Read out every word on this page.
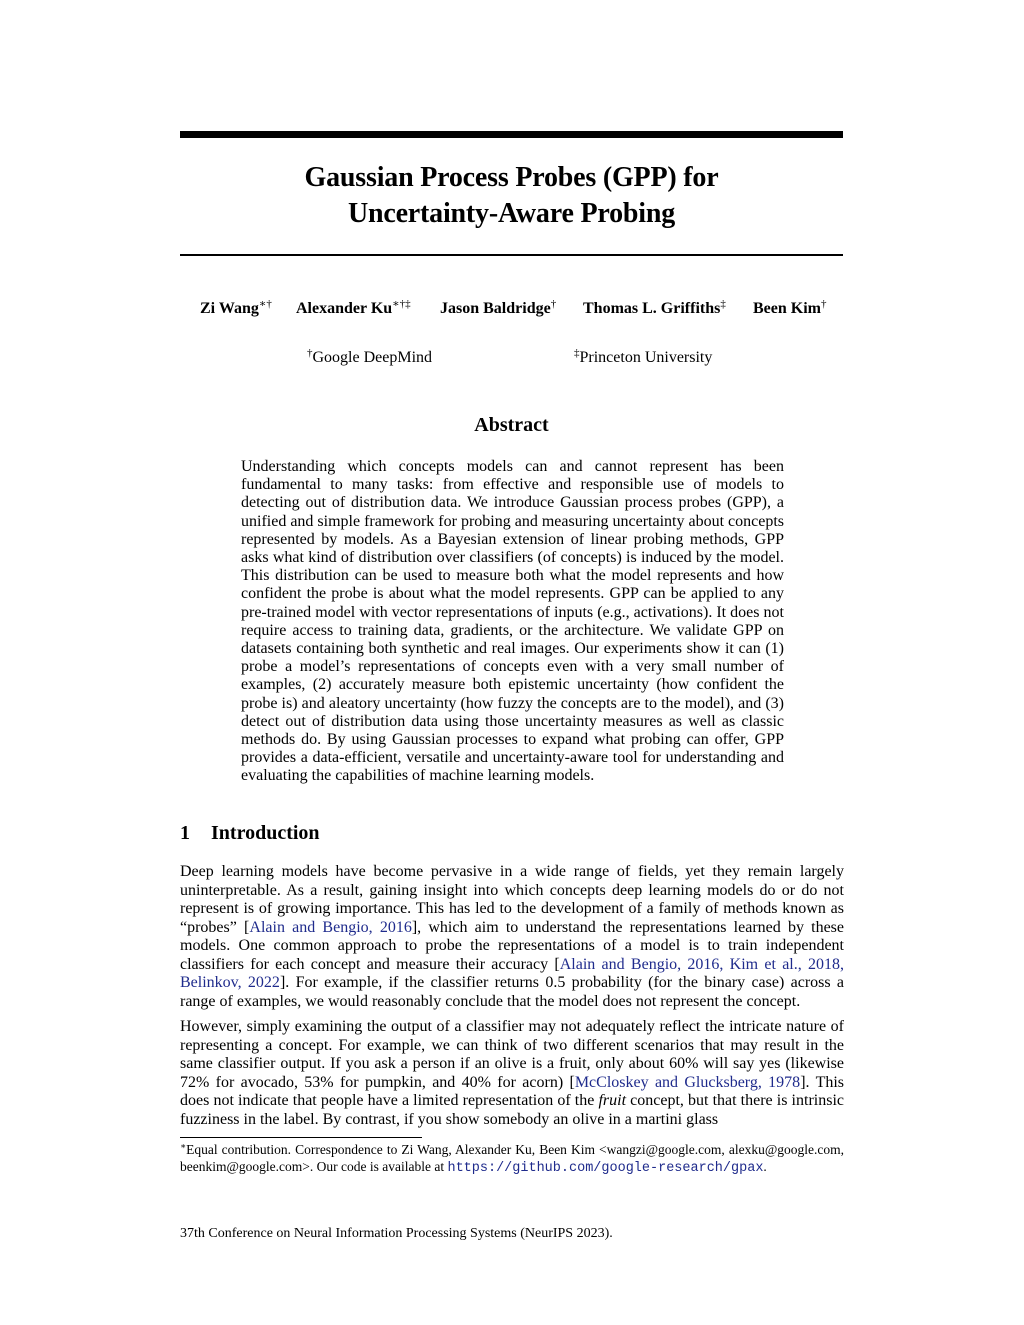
Gaussian Process Probes (GPP) for
Uncertainty-Aware Probing
Zi Wang∗† Alexander Ku∗†‡ Jason Baldridge† Thomas L. Griffiths‡ Been Kim†
†Google DeepMind	‡Princeton University
Abstract

Understanding which concepts models can and cannot represent has been fundamental to many tasks: from effective and responsible use of models to detecting out of distribution data. We introduce Gaussian process probes (GPP), a unified and simple framework for probing and measuring uncertainty about concepts represented by models. As a Bayesian extension of linear probing methods, GPP asks what kind of distribution over classifiers (of concepts) is induced by the model. This distribution can be used to measure both what the model represents and how confident the probe is about what the model represents. GPP can be applied to any pre-trained model with vector representations of inputs (e.g., activations). It does not require access to training data, gradients, or the architecture. We validate GPP on datasets containing both synthetic and real images. Our experiments show it can (1) probe a model’s representations of concepts even with a very small number of examples, (2) accurately measure both epistemic uncertainty (how confident the probe is) and aleatory uncertainty (how fuzzy the concepts are to the model), and (3) detect out of distribution data using those uncertainty measures as well as classic methods do. By using Gaussian processes to expand what probing can offer, GPP provides a data-efficient, versatile and uncertainty-aware tool for understanding and evaluating the capabilities of machine learning models.

1 Introduction

Deep learning models have become pervasive in a wide range of fields, yet they remain largely uninterpretable. As a result, gaining insight into which concepts deep learning models do or do not represent is of growing importance. This has led to the development of a family of methods known as “probes” [Alain and Bengio, 2016], which aim to understand the representations learned by these models. One common approach to probe the representations of a model is to train independent classifiers for each concept and measure their accuracy [Alain and Bengio, 2016, Kim et al., 2018, Belinkov, 2022]. For example, if the classifier returns 0.5 probability (for the binary case) across a range of examples, we would reasonably conclude that the model does not represent the concept.

However, simply examining the output of a classifier may not adequately reflect the intricate nature of representing a concept. For example, we can think of two different scenarios that may result in the same classifier output. If you ask a person if an olive is a fruit, only about 60% will say yes (likewise 72% for avocado, 53% for pumpkin, and 40% for acorn) [McCloskey and Glucksberg, 1978]. This does not indicate that people have a limited representation of the fruit concept, but that there is intrinsic fuzziness in the label. By contrast, if you show somebody an olive in a martini glass

∗Equal contribution. Correspondence to Zi Wang, Alexander Ku, Been Kim <wangzi@google.com, alexku@google.com, beenkim@google.com>. Our code is available at https://github.com/google-research/gpax.

37th Conference on Neural Information Processing Systems (NeurIPS 2023).
